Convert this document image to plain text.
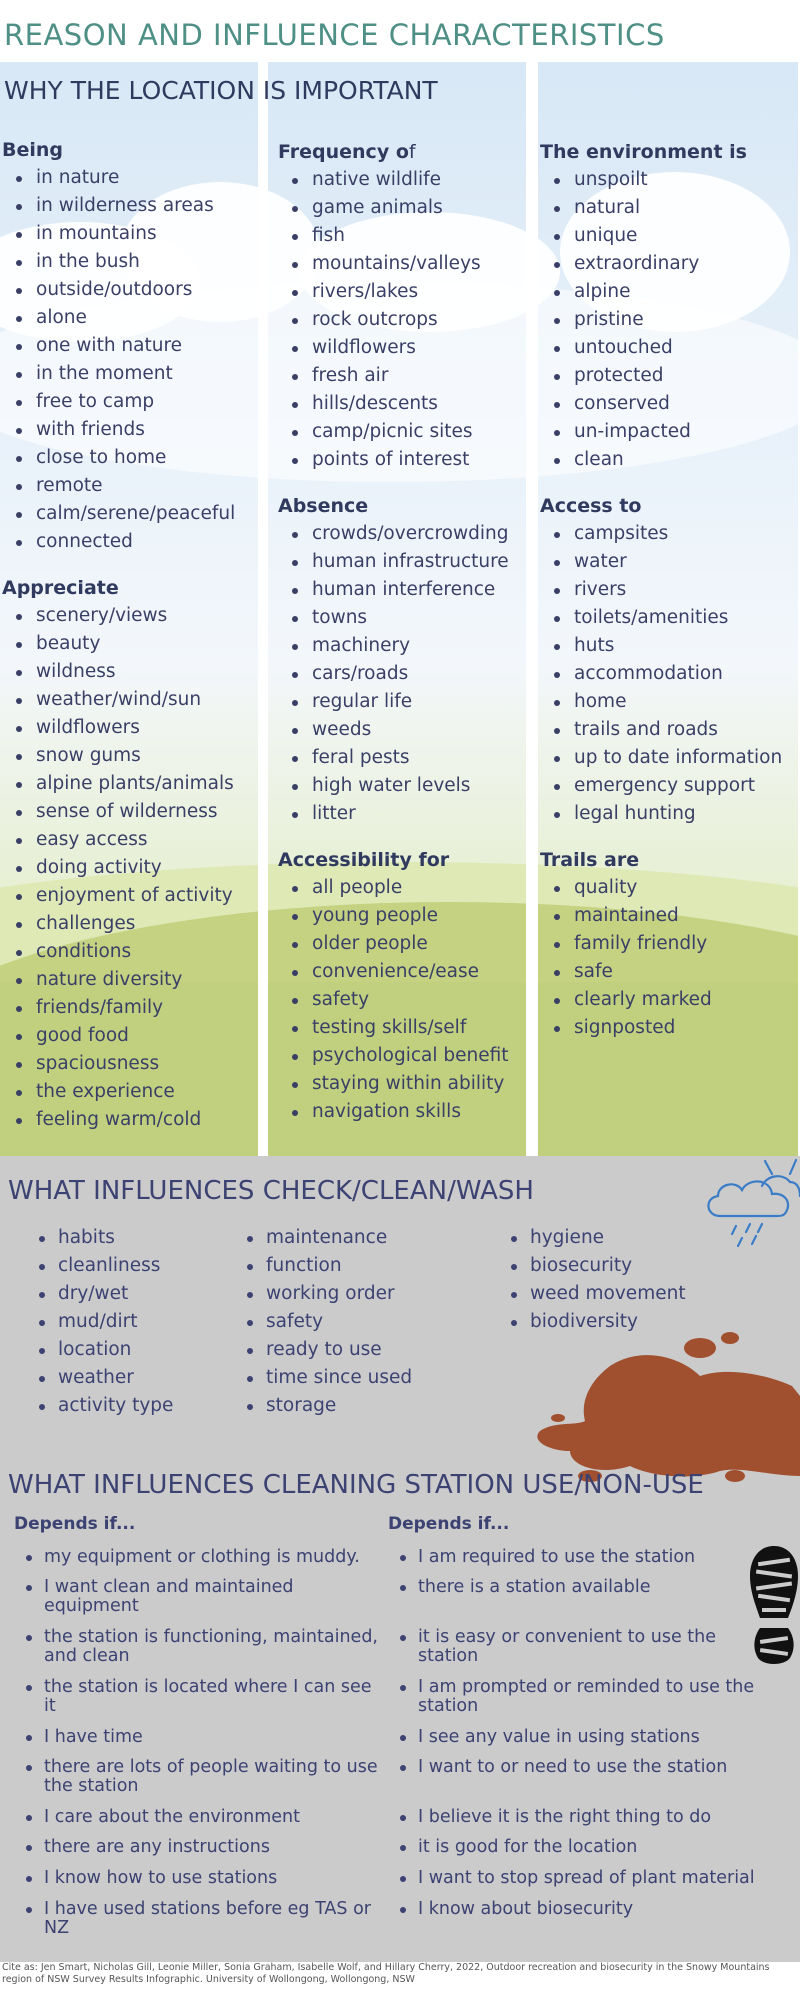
REASON AND INFLUENCE CHARACTERISTICS
WHY THE LOCATION IS IMPORTANT
Being
in nature
in wilderness areas
in mountains
in the bush
outside/outdoors
alone
one with nature
in the moment
free to camp
with friends
close to home
remote
calm/serene/peaceful
connected
Appreciate
scenery/views
beauty
wildness
weather/wind/sun
wildflowers
snow gums
alpine plants/animals
sense of wilderness
easy access
doing activity
enjoyment of activity
challenges
conditions
nature diversity
friends/family
good food
spaciousness
the experience
feeling warm/cold
Frequency of
native wildlife
game animals
fish
mountains/valleys
rivers/lakes
rock outcrops
wildflowers
fresh air
hills/descents
camp/picnic sites
points of interest
Absence
crowds/overcrowding
human infrastructure
human interference
towns
machinery
cars/roads
regular life
weeds
feral pests
high water levels
litter
Accessibility for
all people
young people
older people
convenience/ease
safety
testing skills/self
psychological benefit
staying within ability
navigation skills
The environment is
unspoilt
natural
unique
extraordinary
alpine
pristine
untouched
protected
conserved
un-impacted
clean
Access to
campsites
water
rivers
toilets/amenities
huts
accommodation
home
trails and roads
up to date information
emergency support
legal hunting
Trails are
quality
maintained
family friendly
safe
clearly marked
signposted
WHAT INFLUENCES CHECK/CLEAN/WASH
habits
cleanliness
dry/wet
mud/dirt
location
weather
activity type
maintenance
function
working order
safety
ready to use
time since used
storage
hygiene
biosecurity
weed movement
biodiversity
WHAT INFLUENCES CLEANING STATION USE/NON-USE
Depends if...	Depends if...
my equipment or clothing is muddy.
I want clean and maintained
equipment
the station is functioning, maintained,
and clean
the station is located where I can see
it
I have time
there are lots of people waiting to use
the station
I care about the environment
there are any instructions
I know how to use stations
I have used stations before eg TAS or
NZ
I am required to use the station
there is a station available
it is easy or convenient to use the
station
I am prompted or reminded to use the
station
I see any value in using stations
I want to or need to use the station
I believe it is the right thing to do
it is good for the location
I want to stop spread of plant material
I know about biosecurity
Cite as: Jen Smart, Nicholas Gill, Leonie Miller, Sonia Graham, Isabelle Wolf, and Hillary Cherry, 2022, Outdoor recreation and biosecurity in the Snowy Mountains region of NSW Survey Results Infographic. University of Wollongong, Wollongong, NSW
